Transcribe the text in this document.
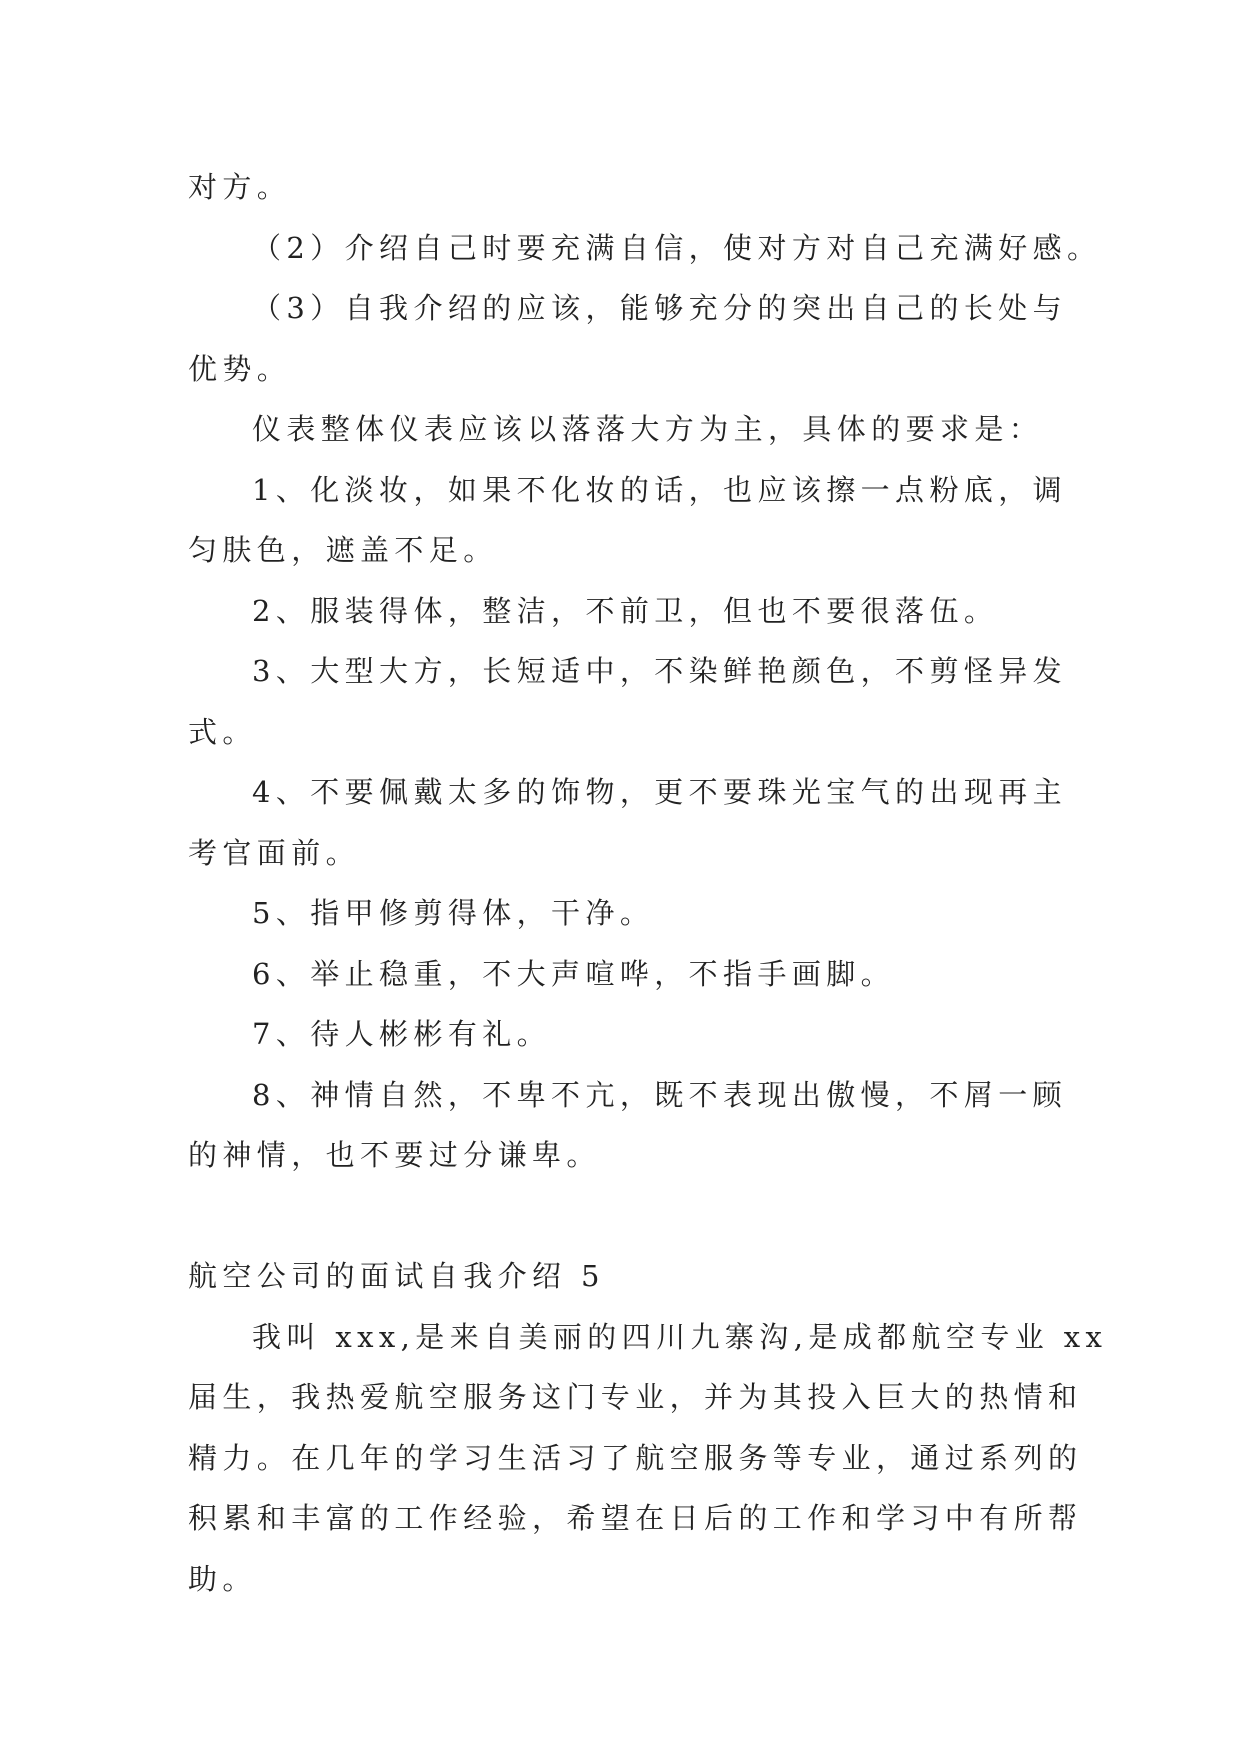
对方。

（2）介绍自己时要充满自信，使对方对自己充满好感。

（3）自我介绍的应该，能够充分的突出自己的长处与

优势。

仪表整体仪表应该以落落大方为主，具体的要求是：

1、化淡妆，如果不化妆的话，也应该擦一点粉底，调

匀肤色，遮盖不足。

2、服装得体，整洁，不前卫，但也不要很落伍。

3、大型大方，长短适中，不染鲜艳颜色，不剪怪异发

式。

4、不要佩戴太多的饰物，更不要珠光宝气的出现再主

考官面前。

5、指甲修剪得体，干净。

6、举止稳重，不大声喧哗，不指手画脚。

7、待人彬彬有礼。

8、神情自然，不卑不亢，既不表现出傲慢，不屑一顾

的神情，也不要过分谦卑。

航空公司的面试自我介绍 5

我叫 xxx,是来自美丽的四川九寨沟,是成都航空专业 xx

届生，我热爱航空服务这门专业，并为其投入巨大的热情和

精力。在几年的学习生活习了航空服务等专业，通过系列的

积累和丰富的工作经验，希望在日后的工作和学习中有所帮

助。
